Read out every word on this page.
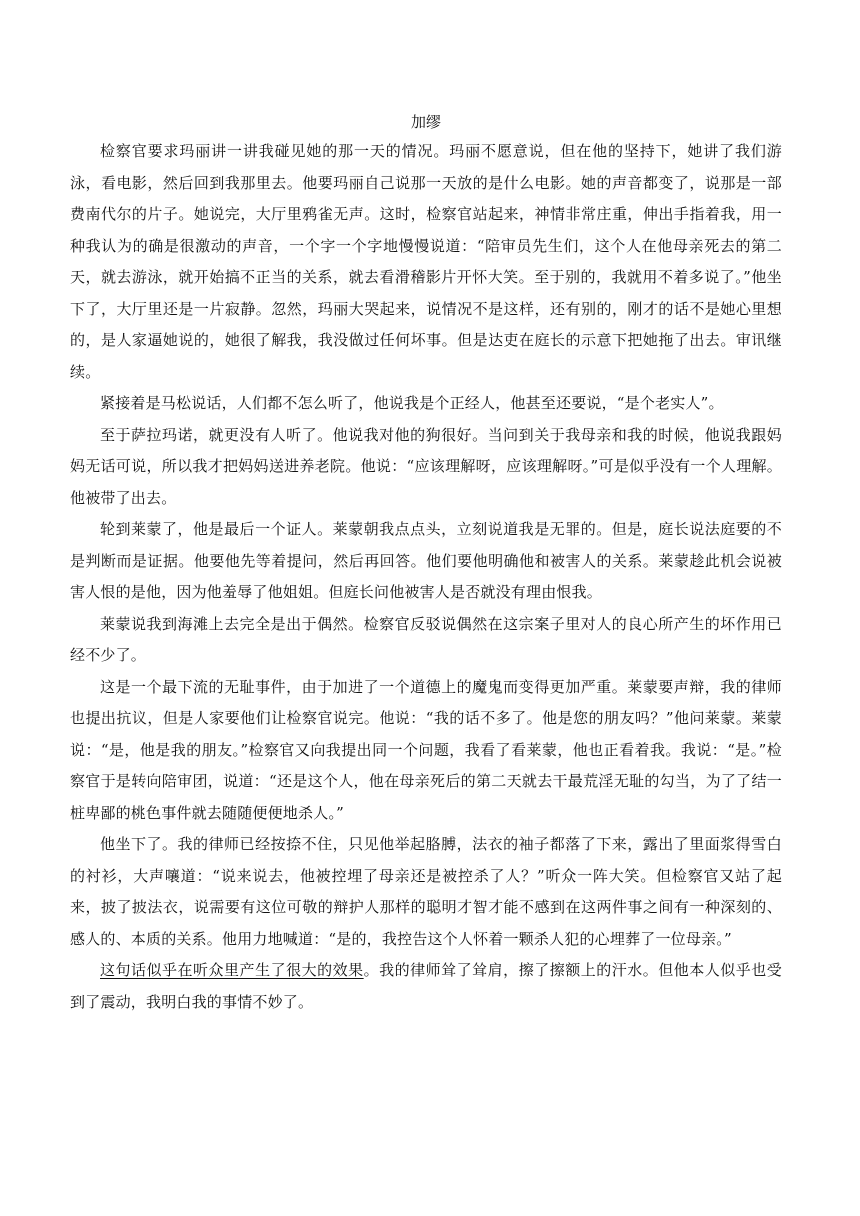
加缪

检察官要求玛丽讲一讲我碰见她的那一天的情况。玛丽不愿意说，但在他的坚持下，她讲了我们游泳，看电影，然后回到我那里去。他要玛丽自己说那一天放的是什么电影。她的声音都变了，说那是一部费南代尔的片子。她说完，大厅里鸦雀无声。这时，检察官站起来，神情非常庄重，伸出手指着我，用一种我认为的确是很激动的声音，一个字一个字地慢慢说道：“陪审员先生们，这个人在他母亲死去的第二天，就去游泳，就开始搞不正当的关系，就去看滑稽影片开怀大笑。至于别的，我就用不着多说了。”他坐下了，大厅里还是一片寂静。忽然，玛丽大哭起来，说情况不是这样，还有别的，刚才的话不是她心里想的，是人家逼她说的，她很了解我，我没做过任何坏事。但是达吏在庭长的示意下把她拖了出去。审讯继续。

紧接着是马松说话，人们都不怎么听了，他说我是个正经人，他甚至还要说，“是个老实人”。

至于萨拉玛诺，就更没有人听了。他说我对他的狗很好。当问到关于我母亲和我的时候，他说我跟妈妈无话可说，所以我才把妈妈送进养老院。他说：“应该理解呀，应该理解呀。”可是似乎没有一个人理解。他被带了出去。

轮到莱蒙了，他是最后一个证人。莱蒙朝我点点头，立刻说道我是无罪的。但是，庭长说法庭要的不是判断而是证据。他要他先等着提问，然后再回答。他们要他明确他和被害人的关系。莱蒙趁此机会说被害人恨的是他，因为他羞辱了他姐姐。但庭长问他被害人是否就没有理由恨我。

莱蒙说我到海滩上去完全是出于偶然。检察官反驳说偶然在这宗案子里对人的良心所产生的坏作用已经不少了。

这是一个最下流的无耻事件，由于加进了一个道德上的魔鬼而变得更加严重。莱蒙要声辩，我的律师也提出抗议，但是人家要他们让检察官说完。他说：“我的话不多了。他是您的朋友吗？”他问莱蒙。莱蒙说：“是，他是我的朋友。”检察官又向我提出同一个问题，我看了看莱蒙，他也正看着我。我说：“是。”检察官于是转向陪审团，说道：“还是这个人，他在母亲死后的第二天就去干最荒淫无耻的勾当，为了了结一桩卑鄙的桃色事件就去随随便便地杀人。”

他坐下了。我的律师已经按捺不住，只见他举起胳膊，法衣的袖子都落了下来，露出了里面浆得雪白的衬衫，大声嚷道：“说来说去，他被控埋了母亲还是被控杀了人？”听众一阵大笑。但检察官又站了起来，披了披法衣，说需要有这位可敬的辩护人那样的聪明才智才能不感到在这两件事之间有一种深刻的、感人的、本质的关系。他用力地喊道：“是的，我控告这个人怀着一颗杀人犯的心埋葬了一位母亲。”

这句话似乎在听众里产生了很大的效果。我的律师耸了耸肩，擦了擦额上的汗水。但他本人似乎也受到了震动，我明白我的事情不妙了。
